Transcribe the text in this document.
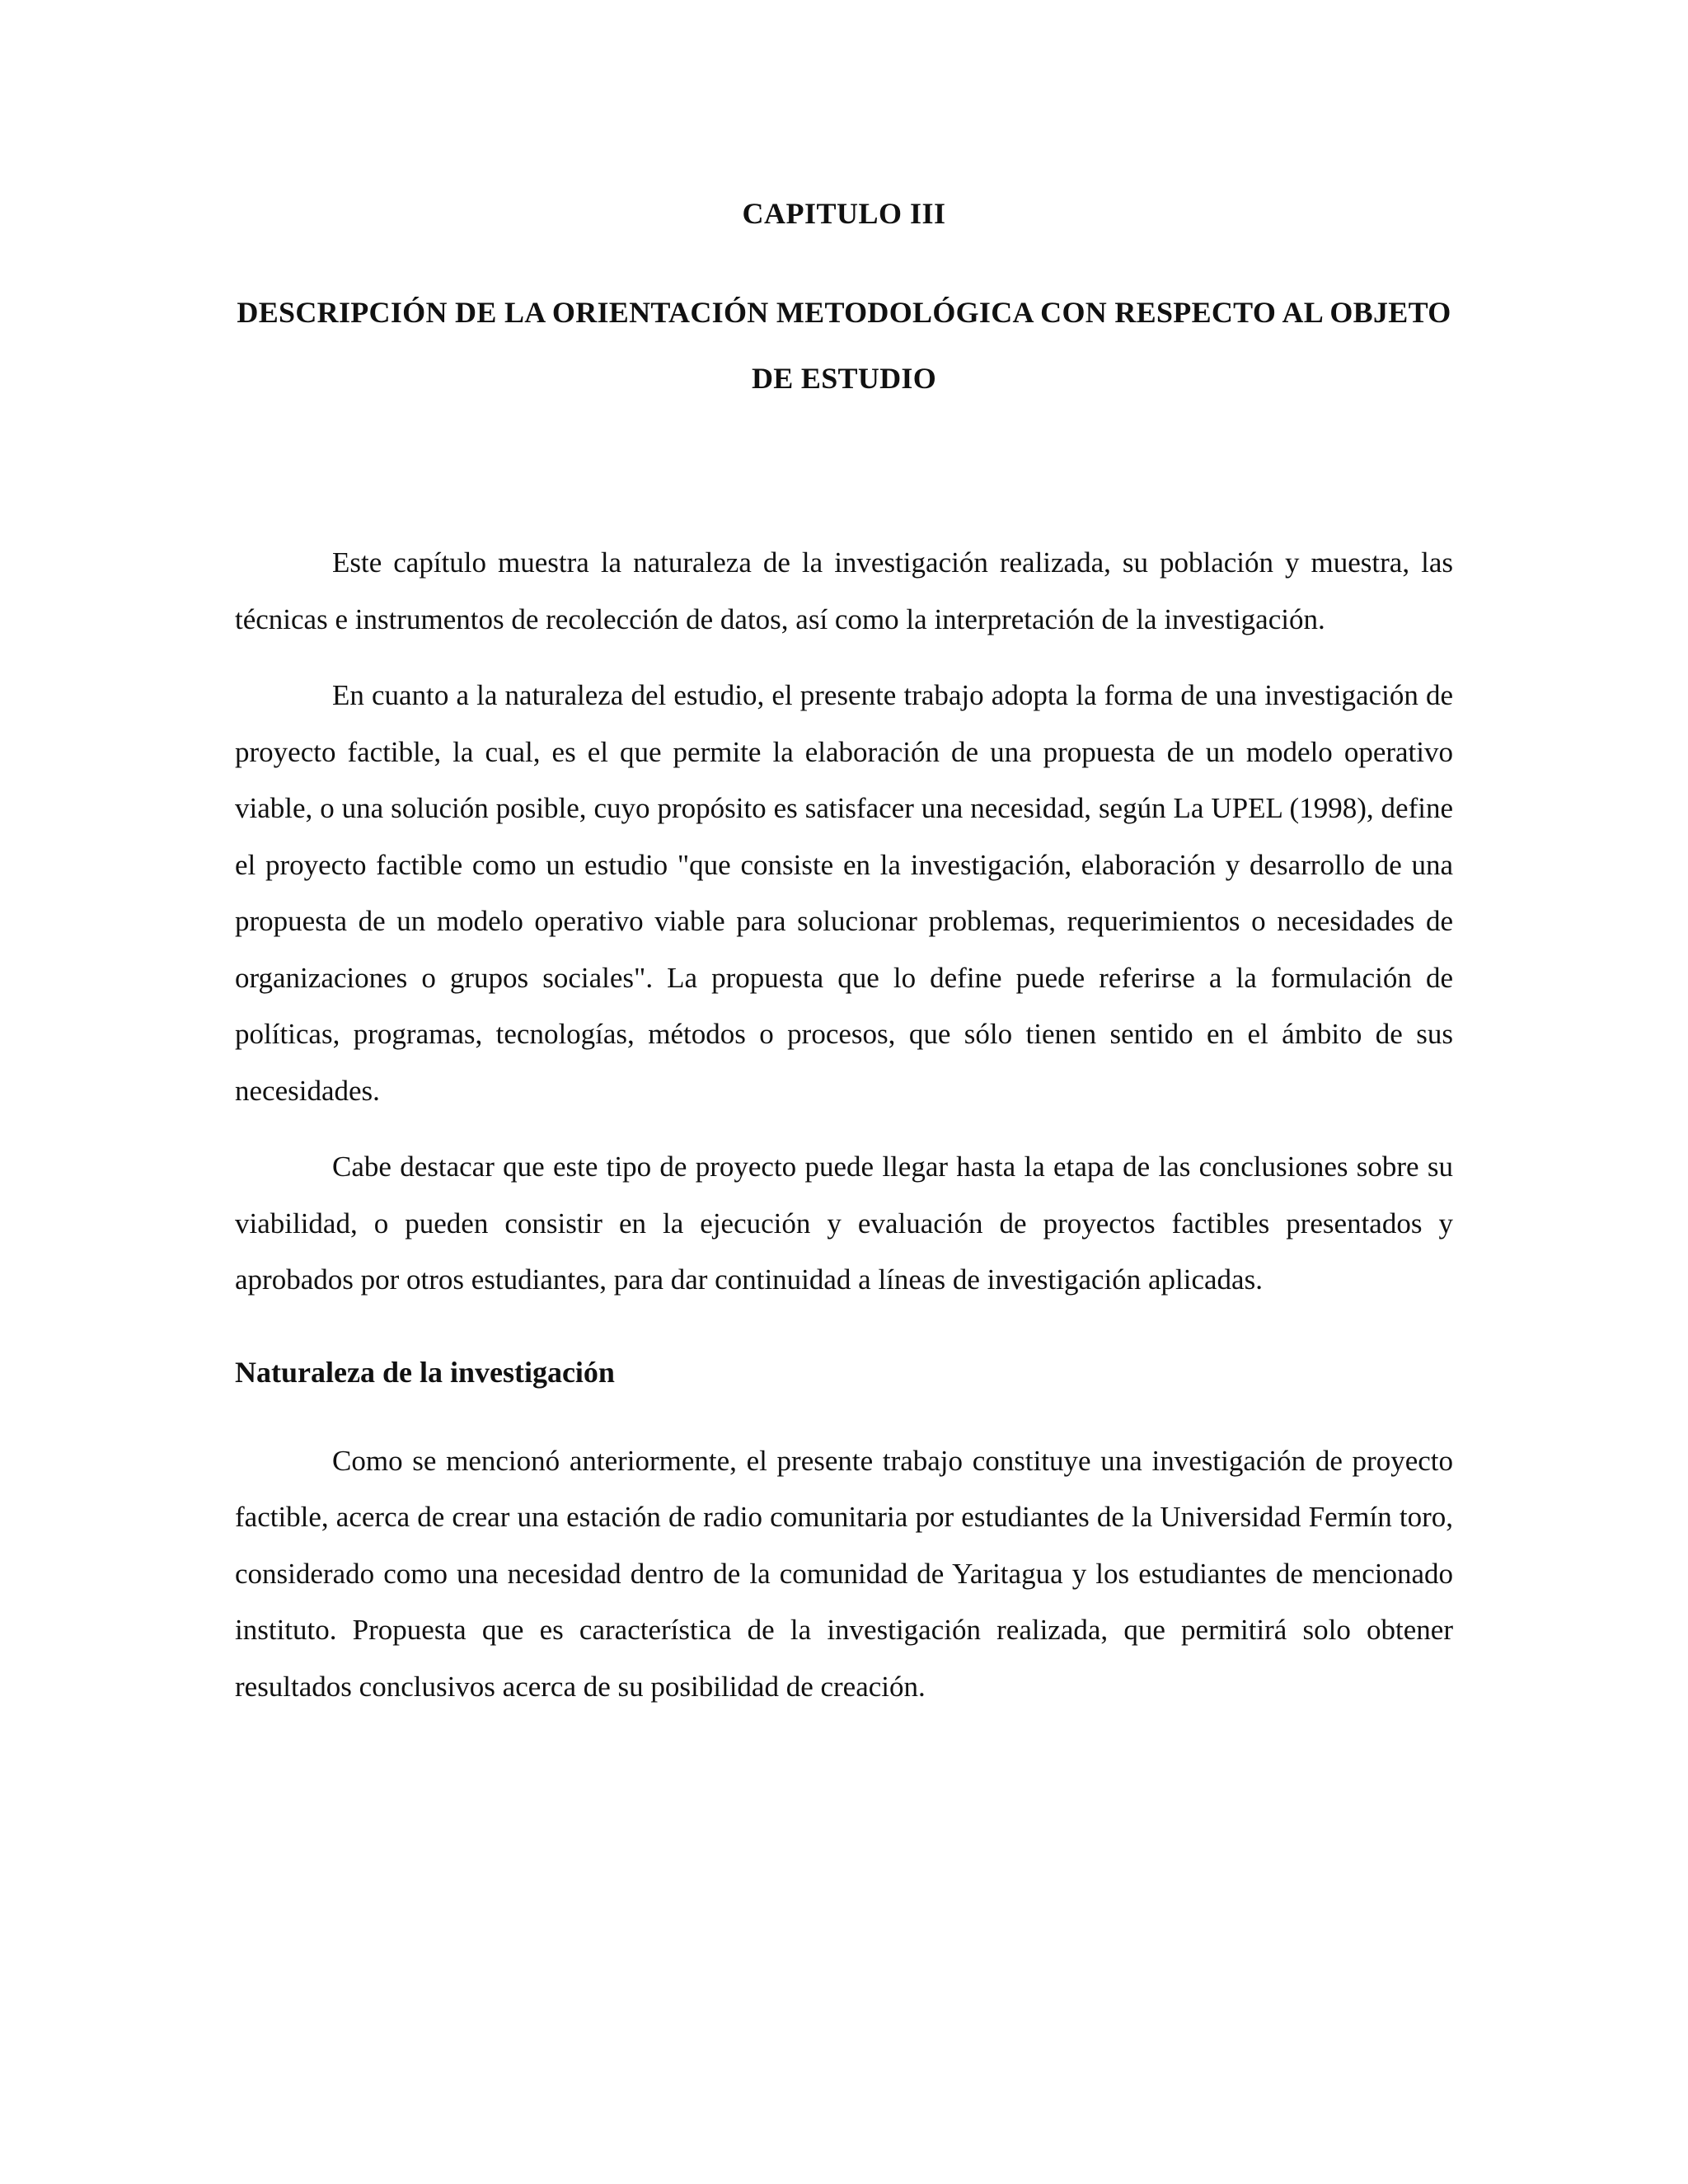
CAPITULO III
DESCRIPCIÓN DE LA ORIENTACIÓN METODOLÓGICA CON RESPECTO AL OBJETO DE ESTUDIO

Este capítulo muestra la naturaleza de la investigación realizada, su población y muestra, las técnicas e instrumentos de recolección de datos, así como la interpretación de la investigación.

En cuanto a la naturaleza del estudio, el presente trabajo adopta la forma de una investigación de proyecto factible, la cual, es el que permite la elaboración de una propuesta de un modelo operativo viable, o una solución posible, cuyo propósito es satisfacer una necesidad, según La UPEL (1998), define el proyecto factible como un estudio "que consiste en la investigación, elaboración y desarrollo de una propuesta de un modelo operativo viable para solucionar problemas, requerimientos o necesidades de organizaciones o grupos sociales". La propuesta que lo define puede referirse a la formulación de políticas, programas, tecnologías, métodos o procesos, que sólo tienen sentido en el ámbito de sus necesidades.

Cabe destacar que este tipo de proyecto puede llegar hasta la etapa de las conclusiones sobre su viabilidad, o pueden consistir en la ejecución y evaluación de proyectos factibles presentados y aprobados por otros estudiantes, para dar continuidad a líneas de investigación aplicadas.

Naturaleza de la investigación

Como se mencionó anteriormente, el presente trabajo constituye una investigación de proyecto factible, acerca de crear una estación de radio comunitaria por estudiantes de la Universidad Fermín toro, considerado como una necesidad dentro de la comunidad de Yaritagua y los estudiantes de mencionado instituto. Propuesta que es característica de la investigación realizada, que permitirá solo obtener resultados conclusivos acerca de su posibilidad de creación.
